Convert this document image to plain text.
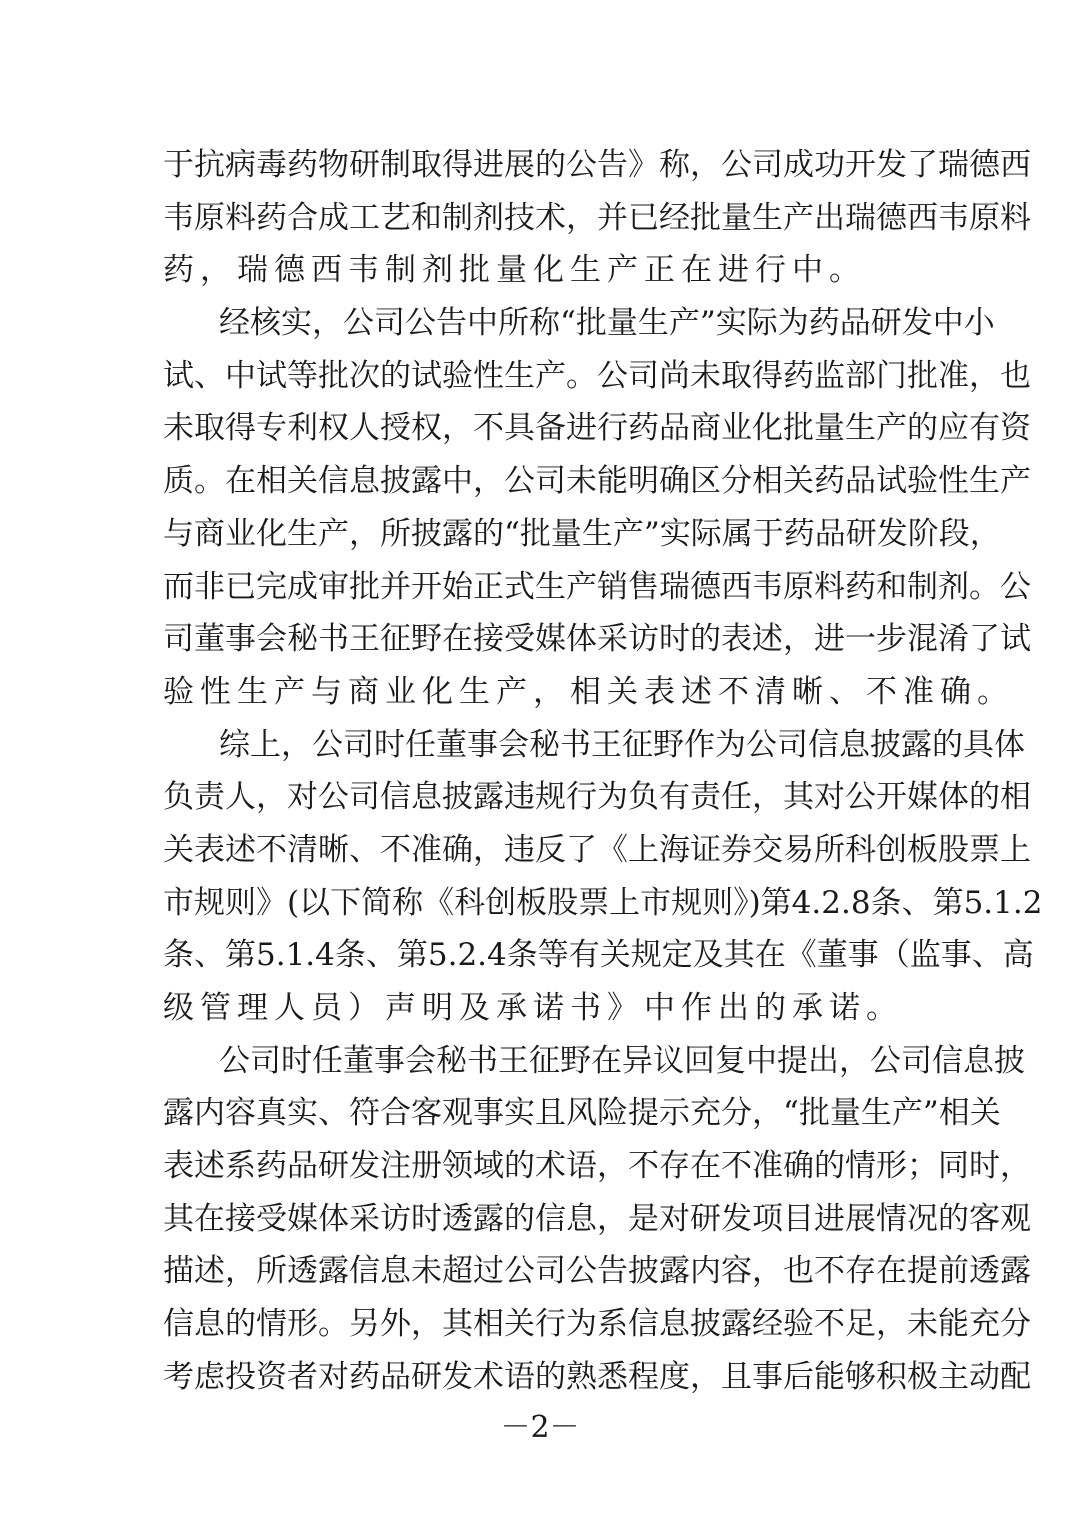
于抗病毒药物研制取得进展的公告》称，公司成功开发了瑞德西
韦原料药合成工艺和制剂技术，并已经批量生产出瑞德西韦原料
药，瑞德西韦制剂批量化生产正在进行中。
经核实，公司公告中所称“批量生产”实际为药品研发中小
试、中试等批次的试验性生产。公司尚未取得药监部门批准，也
未取得专利权人授权，不具备进行药品商业化批量生产的应有资
质。在相关信息披露中，公司未能明确区分相关药品试验性生产
与商业化生产，所披露的“批量生产”实际属于药品研发阶段，
而非已完成审批并开始正式生产销售瑞德西韦原料药和制剂。公
司董事会秘书王征野在接受媒体采访时的表述，进一步混淆了试
验性生产与商业化生产，相关表述不清晰、不准确。
综上，公司时任董事会秘书王征野作为公司信息披露的具体
负责人，对公司信息披露违规行为负有责任，其对公开媒体的相
关表述不清晰、不准确，违反了《上海证券交易所科创板股票上
市规则》(以下简称《科创板股票上市规则》)第4.2.8条、第5.1.2
条、第5.1.4条、第5.2.4条等有关规定及其在《董事（监事、高
级管理人员）声明及承诺书》中作出的承诺。
公司时任董事会秘书王征野在异议回复中提出，公司信息披
露内容真实、符合客观事实且风险提示充分，“批量生产”相关
表述系药品研发注册领域的术语，不存在不准确的情形；同时，
其在接受媒体采访时透露的信息，是对研发项目进展情况的客观
描述，所透露信息未超过公司公告披露内容，也不存在提前透露
信息的情形。另外，其相关行为系信息披露经验不足，未能充分
考虑投资者对药品研发术语的熟悉程度，且事后能够积极主动配
－2－
